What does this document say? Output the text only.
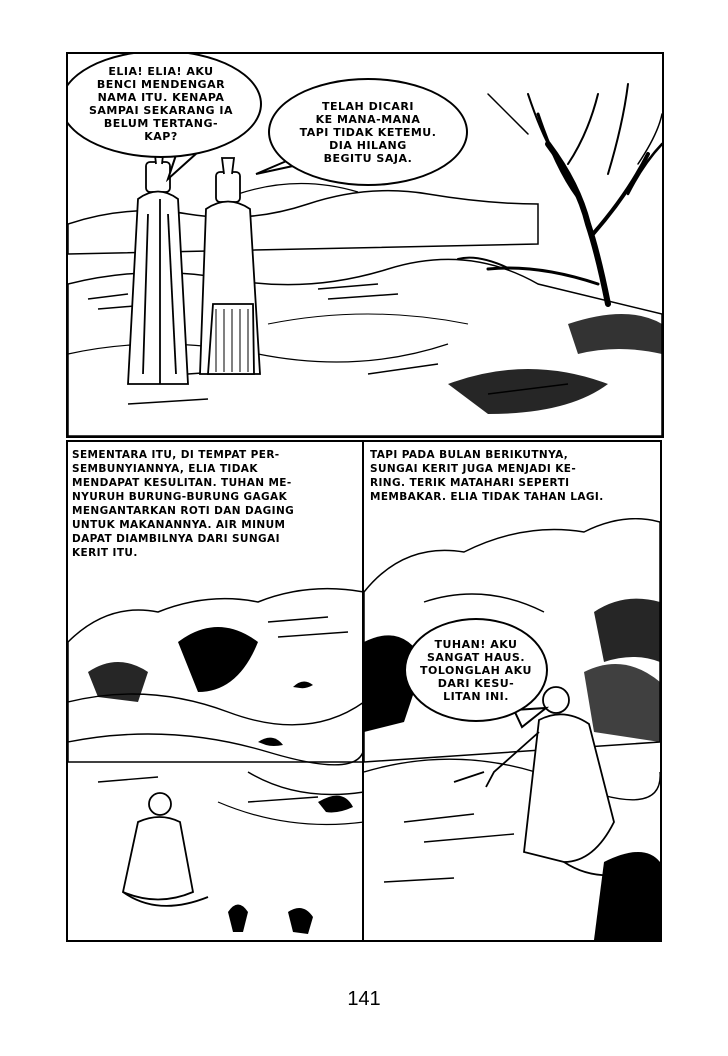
ELIA! ELIA! AKU
BENCI MENDENGAR
NAMA ITU. KENAPA
SAMPAI SEKARANG IA
BELUM TERTANG-
KAP?
TELAH DICARI
KE MANA-MANA
TAPI TIDAK KETEMU.
DIA HILANG
BEGITU SAJA.
SEMENTARA ITU, DI TEMPAT PER-
SEMBUNYIANNYA, ELIA TIDAK
MENDAPAT KESULITAN. TUHAN ME-
NYURUH BURUNG-BURUNG GAGAK
MENGANTARKAN ROTI DAN DAGING
UNTUK MAKANANNYA. AIR MINUM
DAPAT DIAMBILNYA DARI SUNGAI
KERIT ITU.
TAPI PADA BULAN BERIKUTNYA,
SUNGAI KERIT JUGA MENJADI KE-
RING. TERIK MATAHARI SEPERTI
MEMBAKAR. ELIA TIDAK TAHAN LAGI.
TUHAN! AKU
SANGAT HAUS.
TOLONGLAH AKU
DARI KESU-
LITAN INI.
141
